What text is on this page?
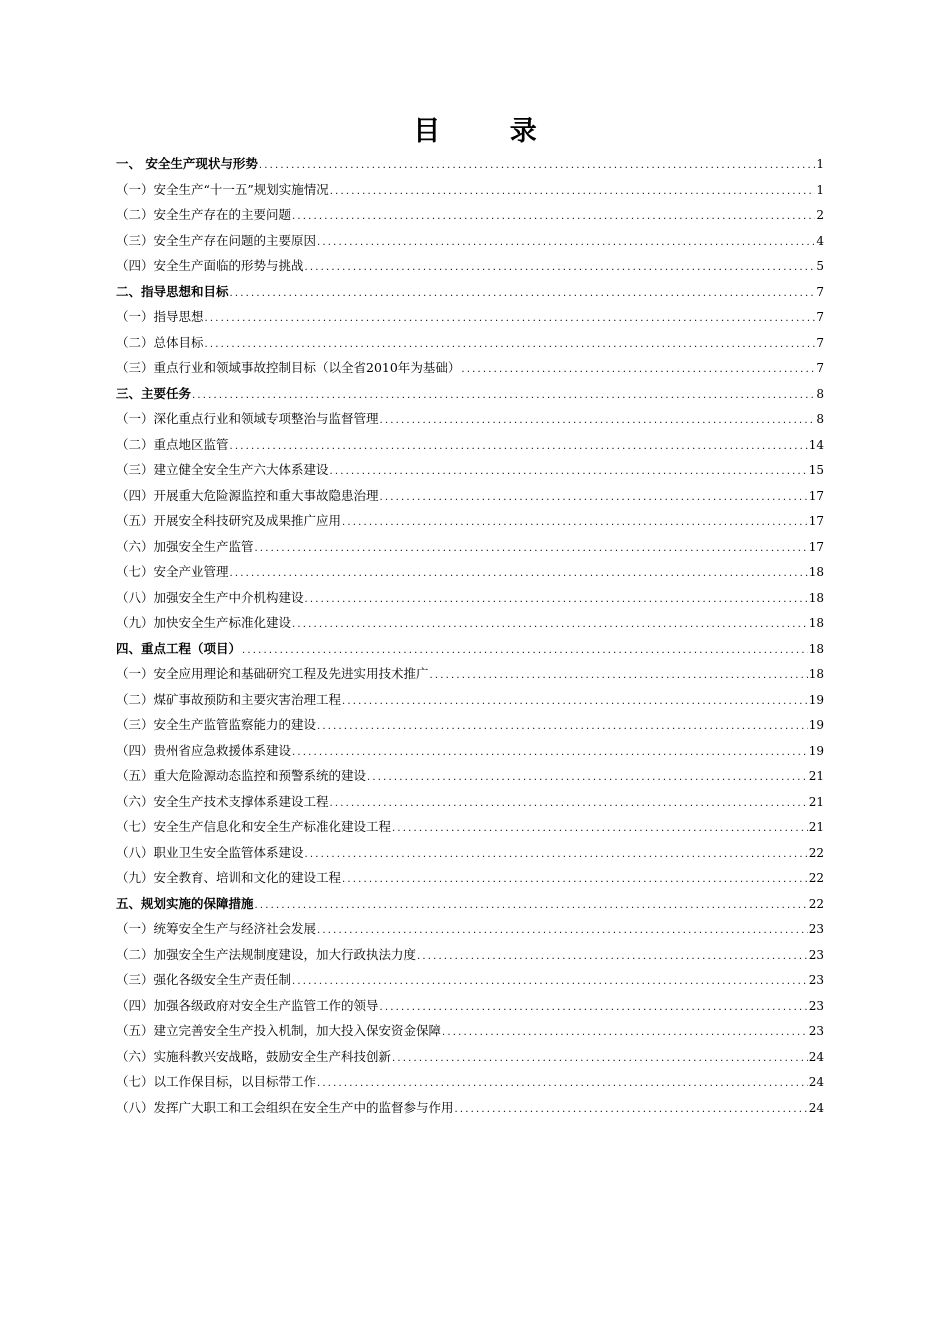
目 录
一、 安全生产现状与形势 .....	1
（一）安全生产“十一五”规划实施情况 .....	1
（二）安全生产存在的主要问题 .....	2
（三）安全生产存在问题的主要原因 .....	4
（四）安全生产面临的形势与挑战 .....	5
二、指导思想和目标 .....	7
（一）指导思想 .....	7
（二）总体目标 .....	7
（三）重点行业和领域事故控制目标（以全省2010年为基础） .....	7
三、主要任务 .....	8
（一）深化重点行业和领域专项整治与监督管理 .....	8
（二）重点地区监管 .....	14
（三）建立健全安全生产六大体系建设 .....	15
（四）开展重大危险源监控和重大事故隐患治理 .....	17
（五）开展安全科技研究及成果推广应用 .....	17
（六）加强安全生产监管 .....	17
（七）安全产业管理 .....	18
（八）加强安全生产中介机构建设 .....	18
（九）加快安全生产标准化建设 .....	18
四、重点工程（项目） .....	18
（一）安全应用理论和基础研究工程及先进实用技术推广 .....	18
（二）煤矿事故预防和主要灾害治理工程 .....	19
（三）安全生产监管监察能力的建设 .....	19
（四）贵州省应急救援体系建设 .....	19
（五）重大危险源动态监控和预警系统的建设 .....	21
（六）安全生产技术支撑体系建设工程 .....	21
（七）安全生产信息化和安全生产标准化建设工程 .....	21
（八）职业卫生安全监管体系建设 .....	22
（九）安全教育、培训和文化的建设工程 .....	22
五、规划实施的保障措施 .....	22
（一）统筹安全生产与经济社会发展 .....	23
（二）加强安全生产法规制度建设，加大行政执法力度 .....	23
（三）强化各级安全生产责任制 .....	23
（四）加强各级政府对安全生产监管工作的领导 .....	23
（五）建立完善安全生产投入机制，加大投入保安资金保障 .....	23
（六）实施科教兴安战略，鼓励安全生产科技创新 .....	24
（七）以工作保目标，以目标带工作 .....	24
（八）发挥广大职工和工会组织在安全生产中的监督参与作用 .....	24
